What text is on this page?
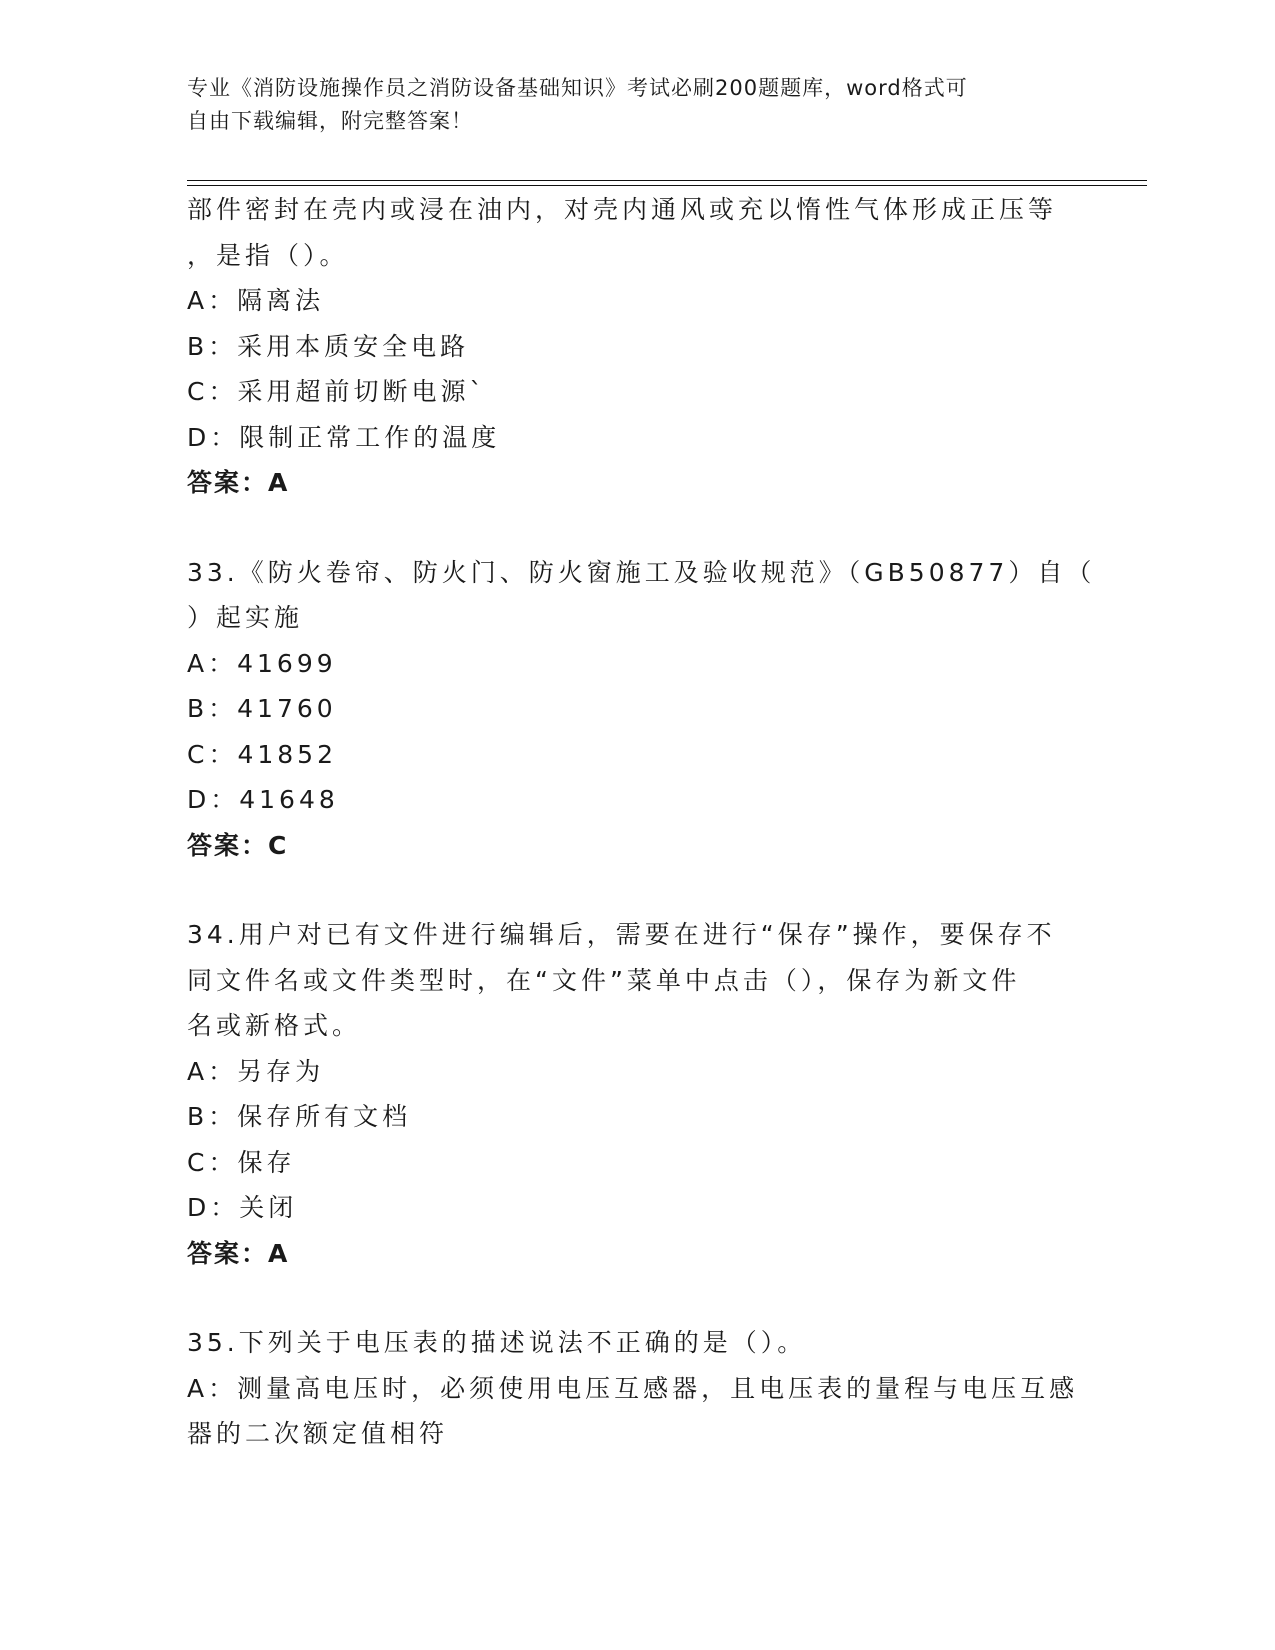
专业《消防设施操作员之消防设备基础知识》考试必刷200题题库，word格式可
自由下载编辑，附完整答案！
部件密封在壳内或浸在油内，对壳内通风或充以惰性气体形成正压等
，是指（）。
A：隔离法
B：采用本质安全电路
C：采用超前切断电源`
D：限制正常工作的温度
答案：A
33.《防火卷帘、防火门、防火窗施工及验收规范》（GB50877）自（
）起实施
A：41699
B：41760
C：41852
D：41648
答案：C
34.用户对已有文件进行编辑后，需要在进行“保存”操作，要保存不
同文件名或文件类型时，在“文件”菜单中点击（），保存为新文件
名或新格式。
A：另存为
B：保存所有文档
C：保存
D：关闭
答案：A
35.下列关于电压表的描述说法不正确的是（）。
A：测量高电压时，必须使用电压互感器，且电压表的量程与电压互感
器的二次额定值相符
